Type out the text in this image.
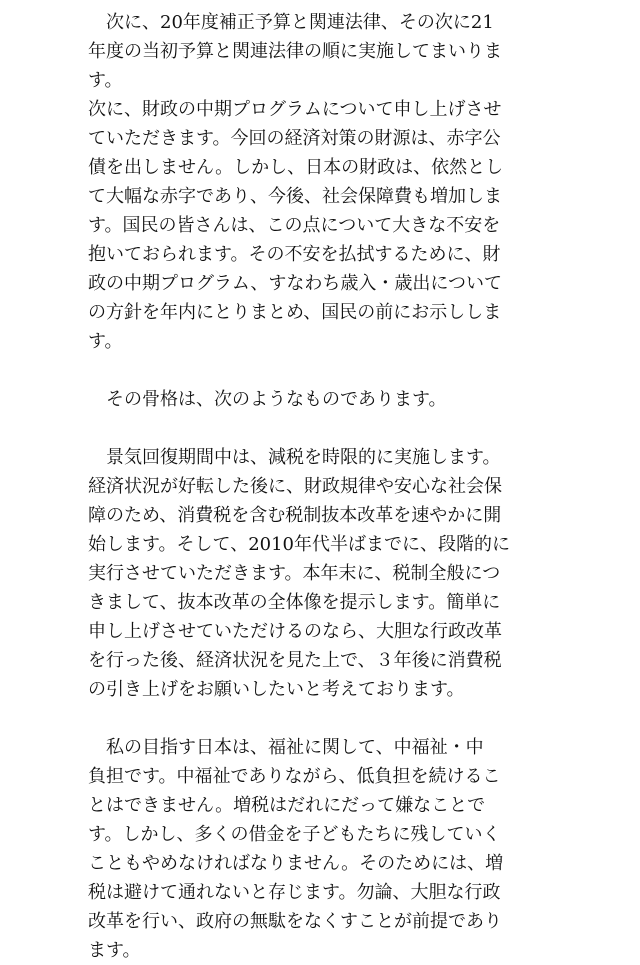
　次に、20年度補正予算と関連法律、その次に21
年度の当初予算と関連法律の順に実施してまいりま
す。
次に、財政の中期プログラムについて申し上げさせ
ていただきます。今回の経済対策の財源は、赤字公
債を出しません。しかし、日本の財政は、依然とし
て大幅な赤字であり、今後、社会保障費も増加しま
す。国民の皆さんは、この点について大きな不安を
抱いておられます。その不安を払拭するために、財
政の中期プログラム、すなわち歳入・歳出について
の方針を年内にとりまとめ、国民の前にお示ししま
す。
　その骨格は、次のようなものであります。
　景気回復期間中は、減税を時限的に実施します。
経済状況が好転した後に、財政規律や安心な社会保
障のため、消費税を含む税制抜本改革を速やかに開
始します。そして、2010年代半ばまでに、段階的に
実行させていただきます。本年末に、税制全般につ
きまして、抜本改革の全体像を提示します。簡単に
申し上げさせていただけるのなら、大胆な行政改革
を行った後、経済状況を見た上で、３年後に消費税
の引き上げをお願いしたいと考えております。
　私の目指す日本は、福祉に関して、中福祉・中
負担です。中福祉でありながら、低負担を続けるこ
とはできません。増税はだれにだって嫌なことで
す。しかし、多くの借金を子どもたちに残していく
こともやめなければなりません。そのためには、増
税は避けて通れないと存じます。勿論、大胆な行政
改革を行い、政府の無駄をなくすことが前提であり
ます。
